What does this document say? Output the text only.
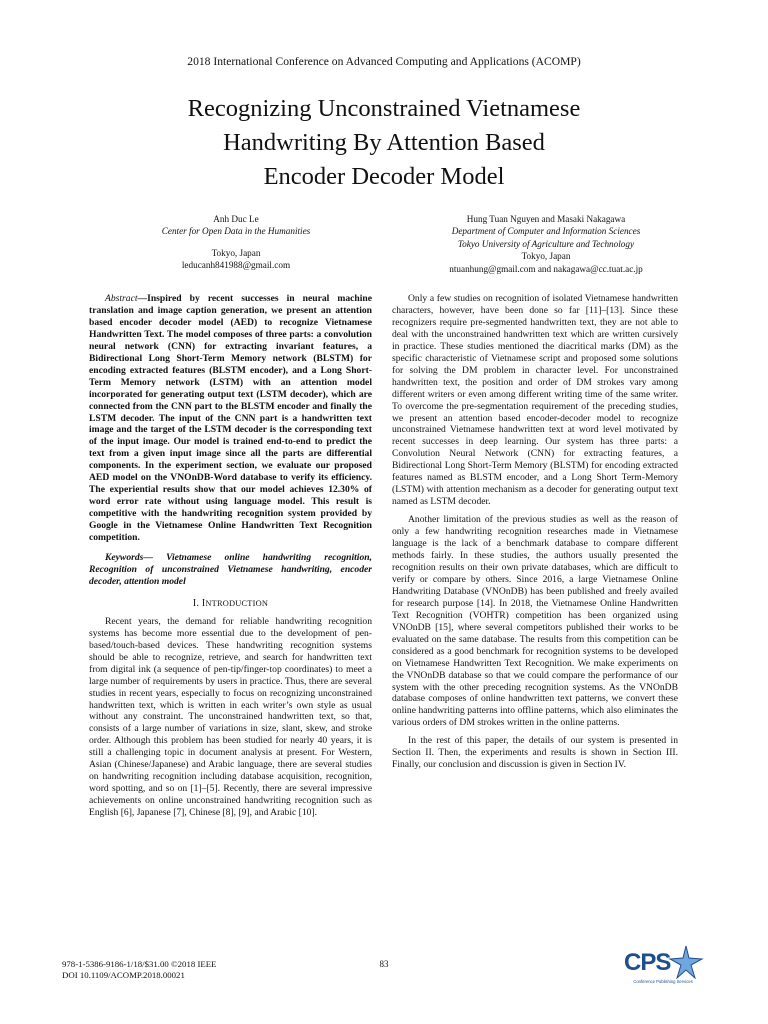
2018 International Conference on Advanced Computing and Applications (ACOMP)
Recognizing Unconstrained Vietnamese
Handwriting By Attention Based
Encoder Decoder Model
Anh Duc Le
Center for Open Data in the Humanities
Tokyo, Japan
leducanh841988@gmail.com
Hung Tuan Nguyen and Masaki Nakagawa
Department of Computer and Information Sciences
Tokyo University of Agriculture and Technology
Tokyo, Japan
ntuanhung@gmail.com and nakagawa@cc.tuat.ac.jp

Abstract—Inspired by recent successes in neural machine translation and image caption generation, we present an attention based encoder decoder model (AED) to recognize Vietnamese Handwritten Text. The model composes of three parts: a convolution neural network (CNN) for extracting invariant features, a Bidirectional Long Short-Term Memory network (BLSTM) for encoding extracted features (BLSTM encoder), and a Long Short-Term Memory network (LSTM) with an attention model incorporated for generating output text (LSTM decoder), which are connected from the CNN part to the BLSTM encoder and finally the LSTM decoder. The input of the CNN part is a handwritten text image and the target of the LSTM decoder is the corresponding text of the input image. Our model is trained end-to-end to predict the text from a given input image since all the parts are differential components. In the experiment section, we evaluate our proposed AED model on the VNOnDB-Word database to verify its efficiency. The experiential results show that our model achieves 12.30% of word error rate without using language model. This result is competitive with the handwriting recognition system provided by Google in the Vietnamese Online Handwritten Text Recognition competition.

Keywords— Vietnamese online handwriting recognition, Recognition of unconstrained Vietnamese handwriting, encoder decoder, attention model

I. INTRODUCTION

Recent years, the demand for reliable handwriting recognition systems has become more essential due to the development of pen-based/touch-based devices. These handwriting recognition systems should be able to recognize, retrieve, and search for handwritten text from digital ink (a sequence of pen-tip/finger-top coordinates) to meet a large number of requirements by users in practice. Thus, there are several studies in recent years, especially to focus on recognizing unconstrained handwritten text, which is written in each writer’s own style as usual without any constraint. The unconstrained handwritten text, so that, consists of a large number of variations in size, slant, skew, and stroke order. Although this problem has been studied for nearly 40 years, it is still a challenging topic in document analysis at present. For Western, Asian (Chinese/Japanese) and Arabic language, there are several studies on handwriting recognition including database acquisition, recognition, word spotting, and so on [1]–[5]. Recently, there are several impressive achievements on online unconstrained handwriting recognition such as English [6], Japanese [7], Chinese [8], [9], and Arabic [10].

Only a few studies on recognition of isolated Vietnamese handwritten characters, however, have been done so far [11]–[13]. Since these recognizers require pre-segmented handwritten text, they are not able to deal with the unconstrained handwritten text which are written cursively in practice. These studies mentioned the diacritical marks (DM) as the specific characteristic of Vietnamese script and proposed some solutions for solving the DM problem in character level. For unconstrained handwritten text, the position and order of DM strokes vary among different writers or even among different writing time of the same writer. To overcome the pre-segmentation requirement of the preceding studies, we present an attention based encoder-decoder model to recognize unconstrained Vietnamese handwritten text at word level motivated by recent successes in deep learning. Our system has three parts: a Convolution Neural Network (CNN) for extracting features, a Bidirectional Long Short-Term Memory (BLSTM) for encoding extracted features named as BLSTM encoder, and a Long Short Term-Memory (LSTM) with attention mechanism as a decoder for generating output text named as LSTM decoder.

Another limitation of the previous studies as well as the reason of only a few handwriting recognition researches made in Vietnamese language is the lack of a benchmark database to compare different methods fairly. In these studies, the authors usually presented the recognition results on their own private databases, which are difficult to verify or compare by others. Since 2016, a large Vietnamese Online Handwriting Database (VNOnDB) has been published and freely availed for research purpose [14]. In 2018, the Vietnamese Online Handwritten Text Recognition (VOHTR) competition has been organized using VNOnDB [15], where several competitors published their works to be evaluated on the same database. The results from this competition can be considered as a good benchmark for recognition systems to be developed on Vietnamese Handwritten Text Recognition. We make experiments on the VNOnDB database so that we could compare the performance of our system with the other preceding recognition systems. As the VNOnDB database composes of online handwritten text patterns, we convert these online handwriting patterns into offline patterns, which also eliminates the various orders of DM strokes written in the online patterns.

In the rest of this paper, the details of our system is presented in Section II. Then, the experiments and results is shown in Section III. Finally, our conclusion and discussion is given in Section IV.

978-1-5386-9186-1/18/$31.00 ©2018 IEEE
DOI 10.1109/ACOMP.2018.00021
83	CPS
Conference Publishing Services
